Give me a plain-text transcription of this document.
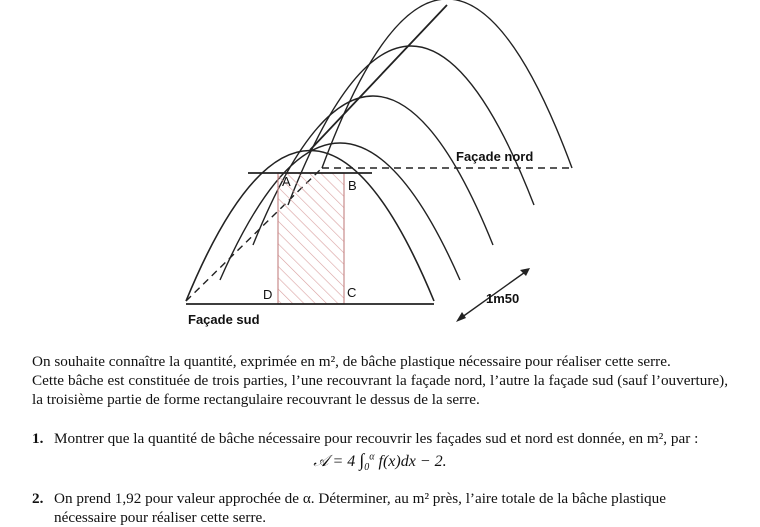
A	B
D	C
Façade nord
Façade sud
1m50

On souhaite connaître la quantité, exprimée en m², de bâche plastique nécessaire pour réaliser cette serre.

Cette bâche est constituée de trois parties, l’une recouvrant la façade nord, l’autre la façade sud (sauf l’ouverture), la troisième partie de forme rectangulaire recouvrant le dessus de la serre.

1. Montrer que la quantité de bâche nécessaire pour recouvrir les façades sud et nord est donnée, en m², par :
𝒜 = 4 $\int_0^\alpha$ f(x)dx − 2.
2. On prend 1,92 pour valeur approchée de α. Déterminer, au m² près, l’aire totale de la bâche plastique
nécessaire pour réaliser cette serre.
